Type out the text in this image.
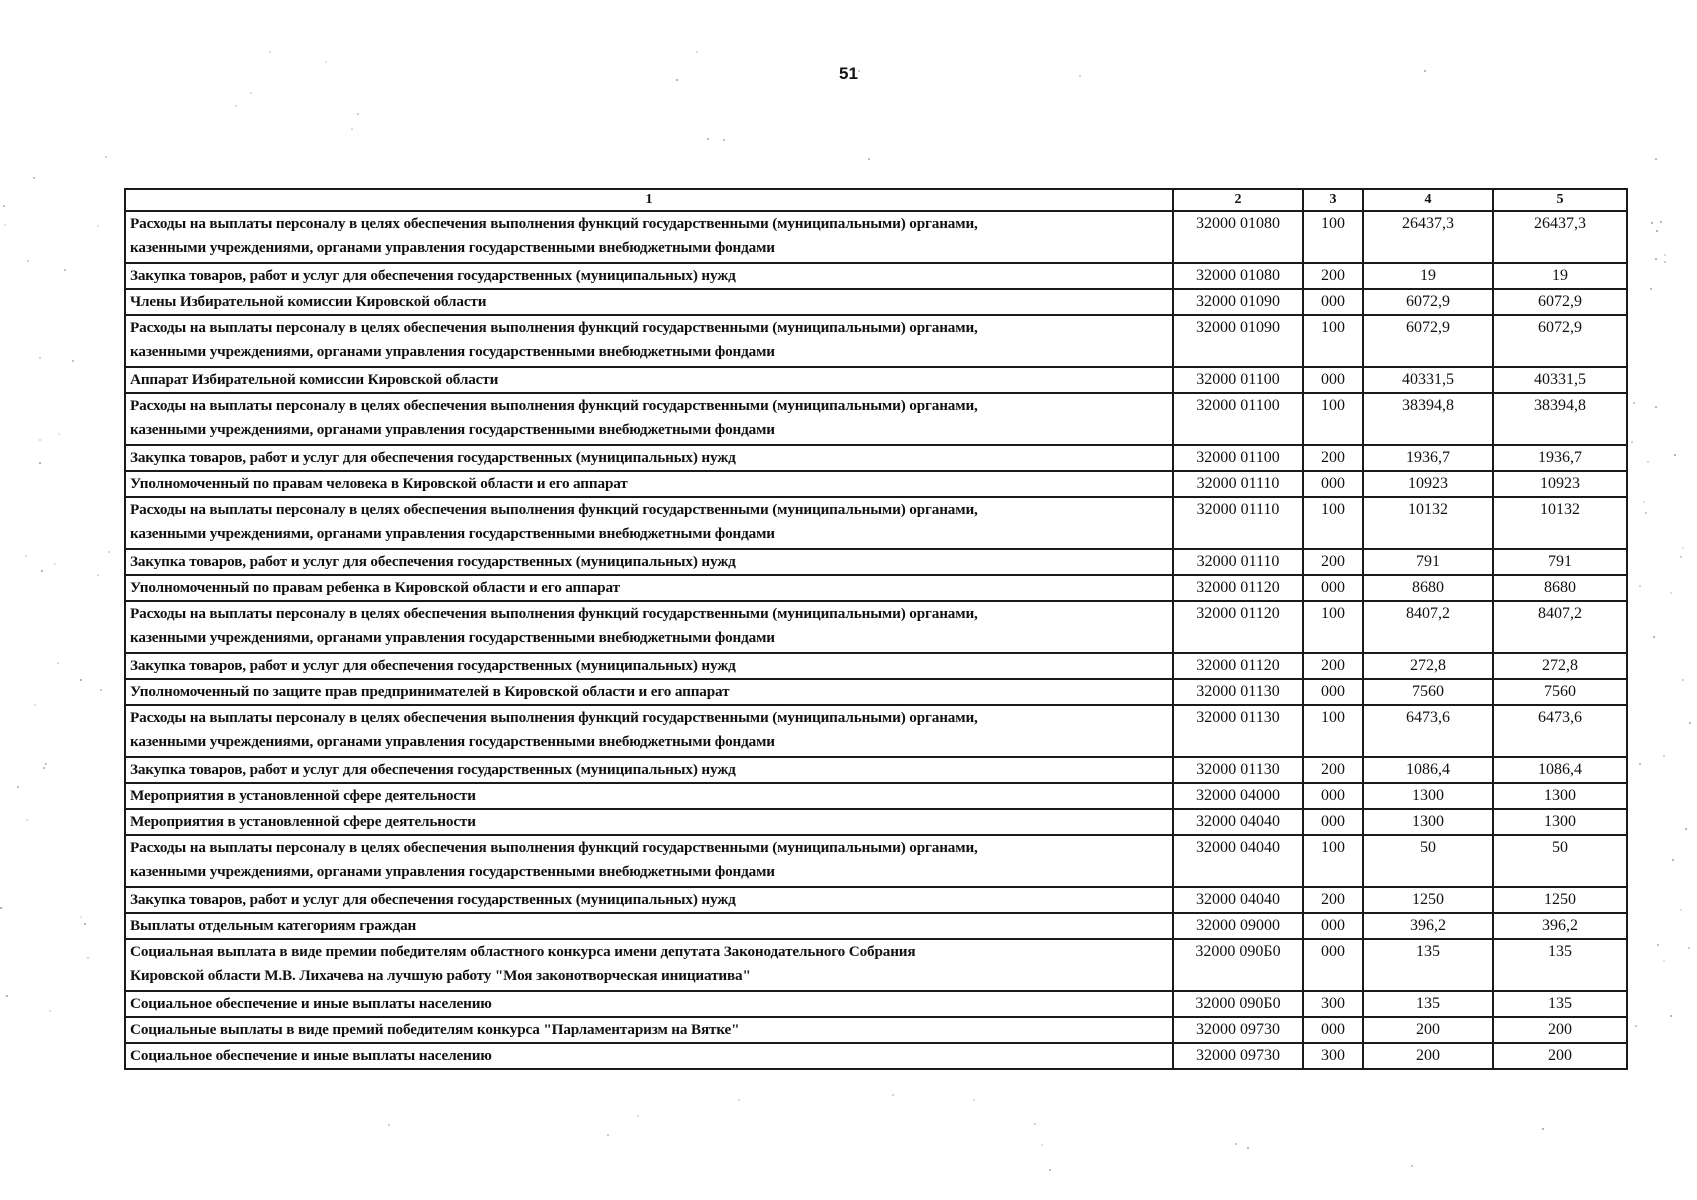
51
1	2	3	4	5

Расходы на выплаты персоналу в целях обеспечения выполнения функций государственными (муниципальными) органами,
казенными учреждениями, органами управления государственными внебюджетными фондами	32000 01080	100	26437,3	26437,3

Закупка товаров, работ и услуг для обеспечения государственных (муниципальных) нужд	32000 01080	200	19	19

Члены Избирательной комиссии Кировской области	32000 01090	000	6072,9	6072,9

Расходы на выплаты персоналу в целях обеспечения выполнения функций государственными (муниципальными) органами,
казенными учреждениями, органами управления государственными внебюджетными фондами	32000 01090	100	6072,9	6072,9

Аппарат Избирательной комиссии Кировской области	32000 01100	000	40331,5	40331,5

Расходы на выплаты персоналу в целях обеспечения выполнения функций государственными (муниципальными) органами,
казенными учреждениями, органами управления государственными внебюджетными фондами	32000 01100	100	38394,8	38394,8

Закупка товаров, работ и услуг для обеспечения государственных (муниципальных) нужд	32000 01100	200	1936,7	1936,7

Уполномоченный по правам человека в Кировской области и его аппарат	32000 01110	000	10923	10923

Расходы на выплаты персоналу в целях обеспечения выполнения функций государственными (муниципальными) органами,
казенными учреждениями, органами управления государственными внебюджетными фондами	32000 01110	100	10132	10132

Закупка товаров, работ и услуг для обеспечения государственных (муниципальных) нужд	32000 01110	200	791	791

Уполномоченный по правам ребенка в Кировской области и его аппарат	32000 01120	000	8680	8680

Расходы на выплаты персоналу в целях обеспечения выполнения функций государственными (муниципальными) органами,
казенными учреждениями, органами управления государственными внебюджетными фондами	32000 01120	100	8407,2	8407,2

Закупка товаров, работ и услуг для обеспечения государственных (муниципальных) нужд	32000 01120	200	272,8	272,8

Уполномоченный по защите прав предпринимателей в Кировской области и его аппарат	32000 01130	000	7560	7560

Расходы на выплаты персоналу в целях обеспечения выполнения функций государственными (муниципальными) органами,
казенными учреждениями, органами управления государственными внебюджетными фондами	32000 01130	100	6473,6	6473,6

Закупка товаров, работ и услуг для обеспечения государственных (муниципальных) нужд	32000 01130	200	1086,4	1086,4

Мероприятия в установленной сфере деятельности	32000 04000	000	1300	1300

Мероприятия в установленной сфере деятельности	32000 04040	000	1300	1300

Расходы на выплаты персоналу в целях обеспечения выполнения функций государственными (муниципальными) органами,
казенными учреждениями, органами управления государственными внебюджетными фондами	32000 04040	100	50	50

Закупка товаров, работ и услуг для обеспечения государственных (муниципальных) нужд	32000 04040	200	1250	1250

Выплаты отдельным категориям граждан	32000 09000	000	396,2	396,2

Социальная выплата в виде премии победителям областного конкурса имени депутата Законодательного Собрания
Кировской области М.В. Лихачева на лучшую работу "Моя законотворческая инициатива"	32000 090Б0	000	135	135

Социальное обеспечение и иные выплаты населению	32000 090Б0	300	135	135

Социальные выплаты в виде премий победителям конкурса "Парламентаризм на Вятке"	32000 09730	000	200	200

Социальное обеспечение и иные выплаты населению	32000 09730	300	200	200
